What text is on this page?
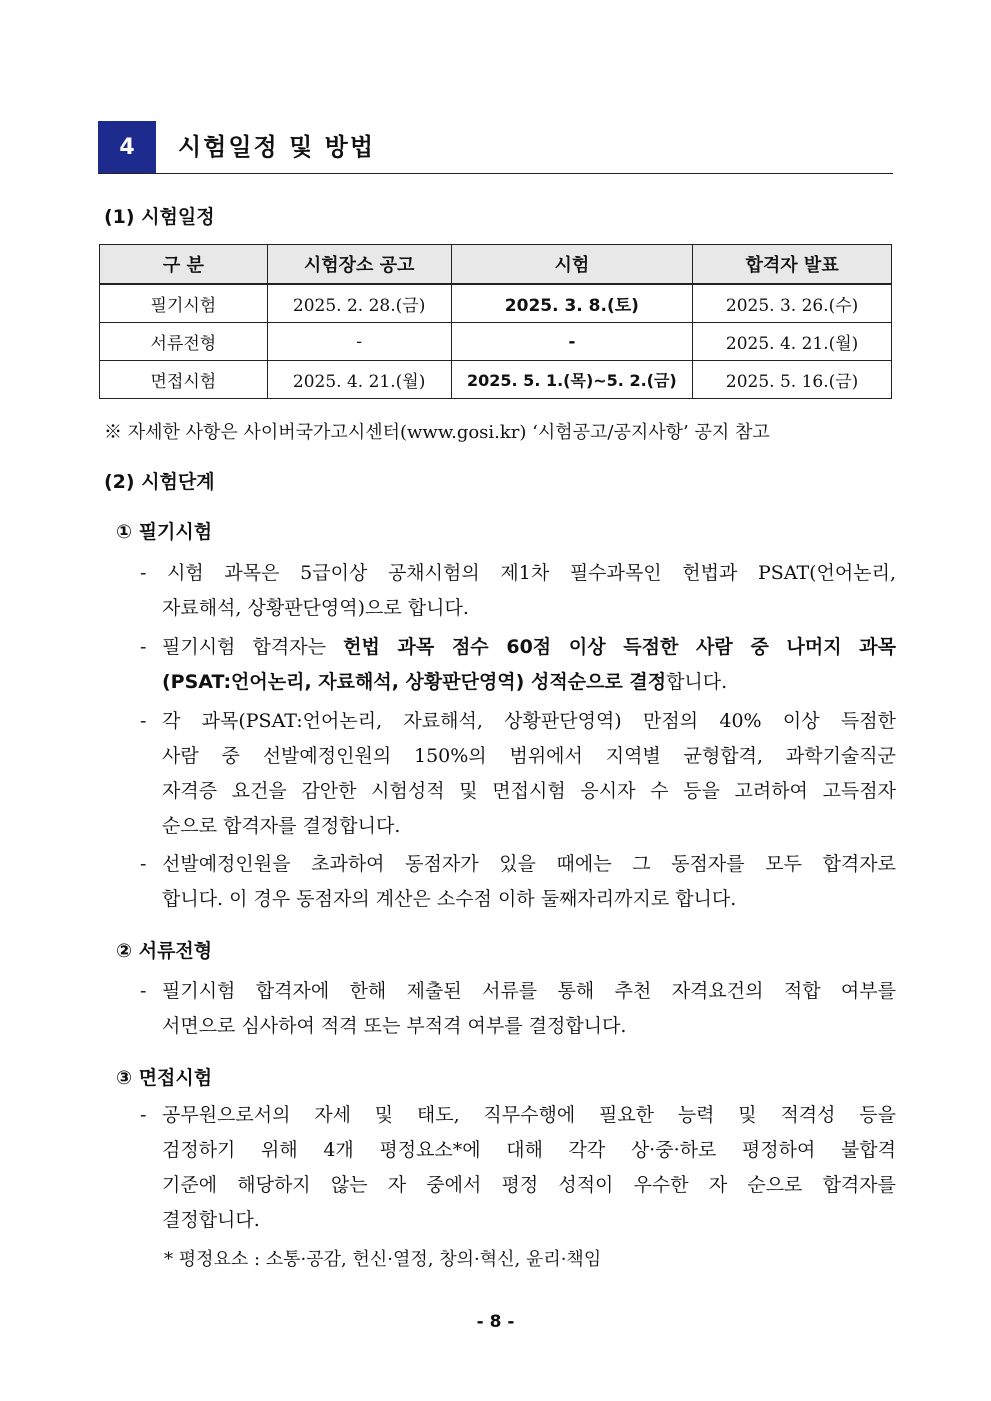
4	시험일정 및 방법
(1) 시험일정
구 분	시험장소 공고	시험	합격자 발표
필기시험	2025. 2. 28.(금)	2025. 3. 8.(토)	2025. 3. 26.(수)
서류전형	-	-	2025. 4. 21.(월)
면접시험	2025. 4. 21.(월)	2025. 5. 1.(목)~5. 2.(금)	2025. 5. 16.(금)
※ 자세한 사항은 사이버국가고시센터(www.gosi.kr) ‘시험공고/공지사항’ 공지 참고
(2) 시험단계
① 필기시험
- 시험 과목은 5급이상 공채시험의 제1차 필수과목인 헌법과 PSAT(언어논리,
자료해석, 상황판단영역)으로 합니다.
- 필기시험 합격자는 헌법 과목 점수 60점 이상 득점한 사람 중 나머지 과목
(PSAT:언어논리, 자료해석, 상황판단영역) 성적순으로 결정합니다.
- 각 과목(PSAT:언어논리, 자료해석, 상황판단영역) 만점의 40% 이상 득점한
사람 중 선발예정인원의 150%의 범위에서 지역별 균형합격, 과학기술직군
자격증 요건을 감안한 시험성적 및 면접시험 응시자 수 등을 고려하여 고득점자
순으로 합격자를 결정합니다.
- 선발예정인원을 초과하여 동점자가 있을 때에는 그 동점자를 모두 합격자로
합니다. 이 경우 동점자의 계산은 소수점 이하 둘째자리까지로 합니다.
② 서류전형
- 필기시험 합격자에 한해 제출된 서류를 통해 추천 자격요건의 적합 여부를
서면으로 심사하여 적격 또는 부적격 여부를 결정합니다.
③ 면접시험
- 공무원으로서의 자세 및 태도, 직무수행에 필요한 능력 및 적격성 등을
검정하기 위해 4개 평정요소*에 대해 각각 상·중·하로 평정하여 불합격
기준에 해당하지 않는 자 중에서 평정 성적이 우수한 자 순으로 합격자를
결정합니다.
* 평정요소 : 소통·공감, 헌신·열정, 창의·혁신, 윤리·책임
- 8 -
